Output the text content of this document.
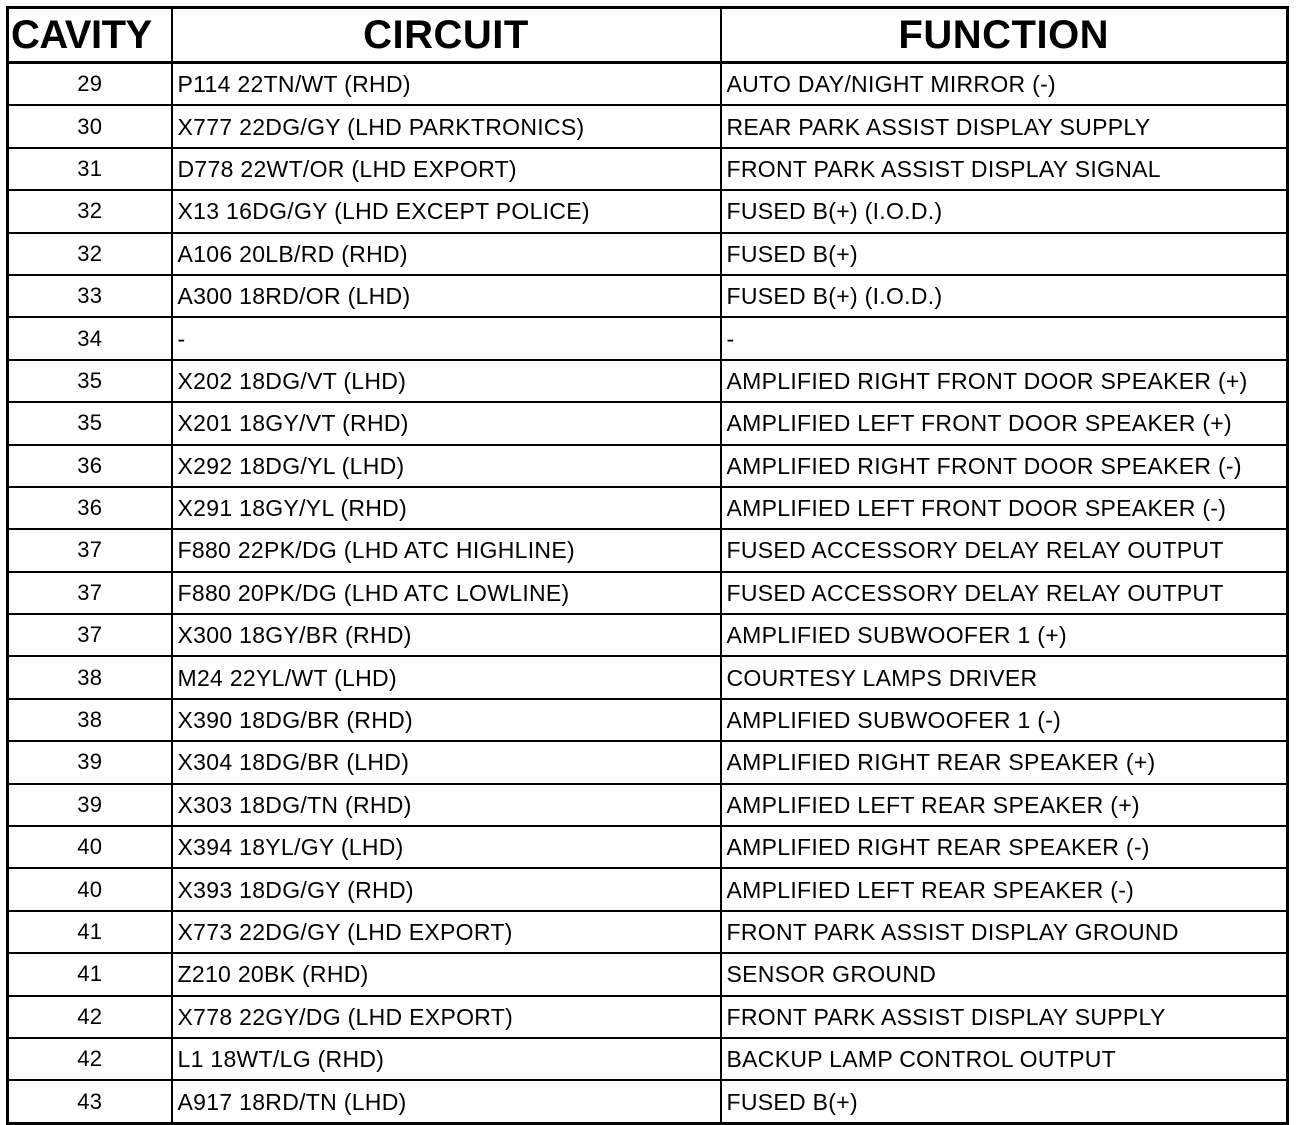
CAVITY	CIRCUIT	FUNCTION
29	P114 22TN/WT (RHD)	AUTO DAY/NIGHT MIRROR (-)
30	X777 22DG/GY (LHD PARKTRONICS)	REAR PARK ASSIST DISPLAY SUPPLY
31	D778 22WT/OR (LHD EXPORT)	FRONT PARK ASSIST DISPLAY SIGNAL
32	X13 16DG/GY (LHD EXCEPT POLICE)	FUSED B(+) (I.O.D.)
32	A106 20LB/RD (RHD)	FUSED B(+)
33	A300 18RD/OR (LHD)	FUSED B(+) (I.O.D.)
34	-	-
35	X202 18DG/VT (LHD)	AMPLIFIED RIGHT FRONT DOOR SPEAKER (+)
35	X201 18GY/VT (RHD)	AMPLIFIED LEFT FRONT DOOR SPEAKER (+)
36	X292 18DG/YL (LHD)	AMPLIFIED RIGHT FRONT DOOR SPEAKER (-)
36	X291 18GY/YL (RHD)	AMPLIFIED LEFT FRONT DOOR SPEAKER (-)
37	F880 22PK/DG (LHD ATC HIGHLINE)	FUSED ACCESSORY DELAY RELAY OUTPUT
37	F880 20PK/DG (LHD ATC LOWLINE)	FUSED ACCESSORY DELAY RELAY OUTPUT
37	X300 18GY/BR (RHD)	AMPLIFIED SUBWOOFER 1 (+)
38	M24 22YL/WT (LHD)	COURTESY LAMPS DRIVER
38	X390 18DG/BR (RHD)	AMPLIFIED SUBWOOFER 1 (-)
39	X304 18DG/BR (LHD)	AMPLIFIED RIGHT REAR SPEAKER (+)
39	X303 18DG/TN (RHD)	AMPLIFIED LEFT REAR SPEAKER (+)
40	X394 18YL/GY (LHD)	AMPLIFIED RIGHT REAR SPEAKER (-)
40	X393 18DG/GY (RHD)	AMPLIFIED LEFT REAR SPEAKER (-)
41	X773 22DG/GY (LHD EXPORT)	FRONT PARK ASSIST DISPLAY GROUND
41	Z210 20BK (RHD)	SENSOR GROUND
42	X778 22GY/DG (LHD EXPORT)	FRONT PARK ASSIST DISPLAY SUPPLY
42	L1 18WT/LG (RHD)	BACKUP LAMP CONTROL OUTPUT
43	A917 18RD/TN (LHD)	FUSED B(+)
